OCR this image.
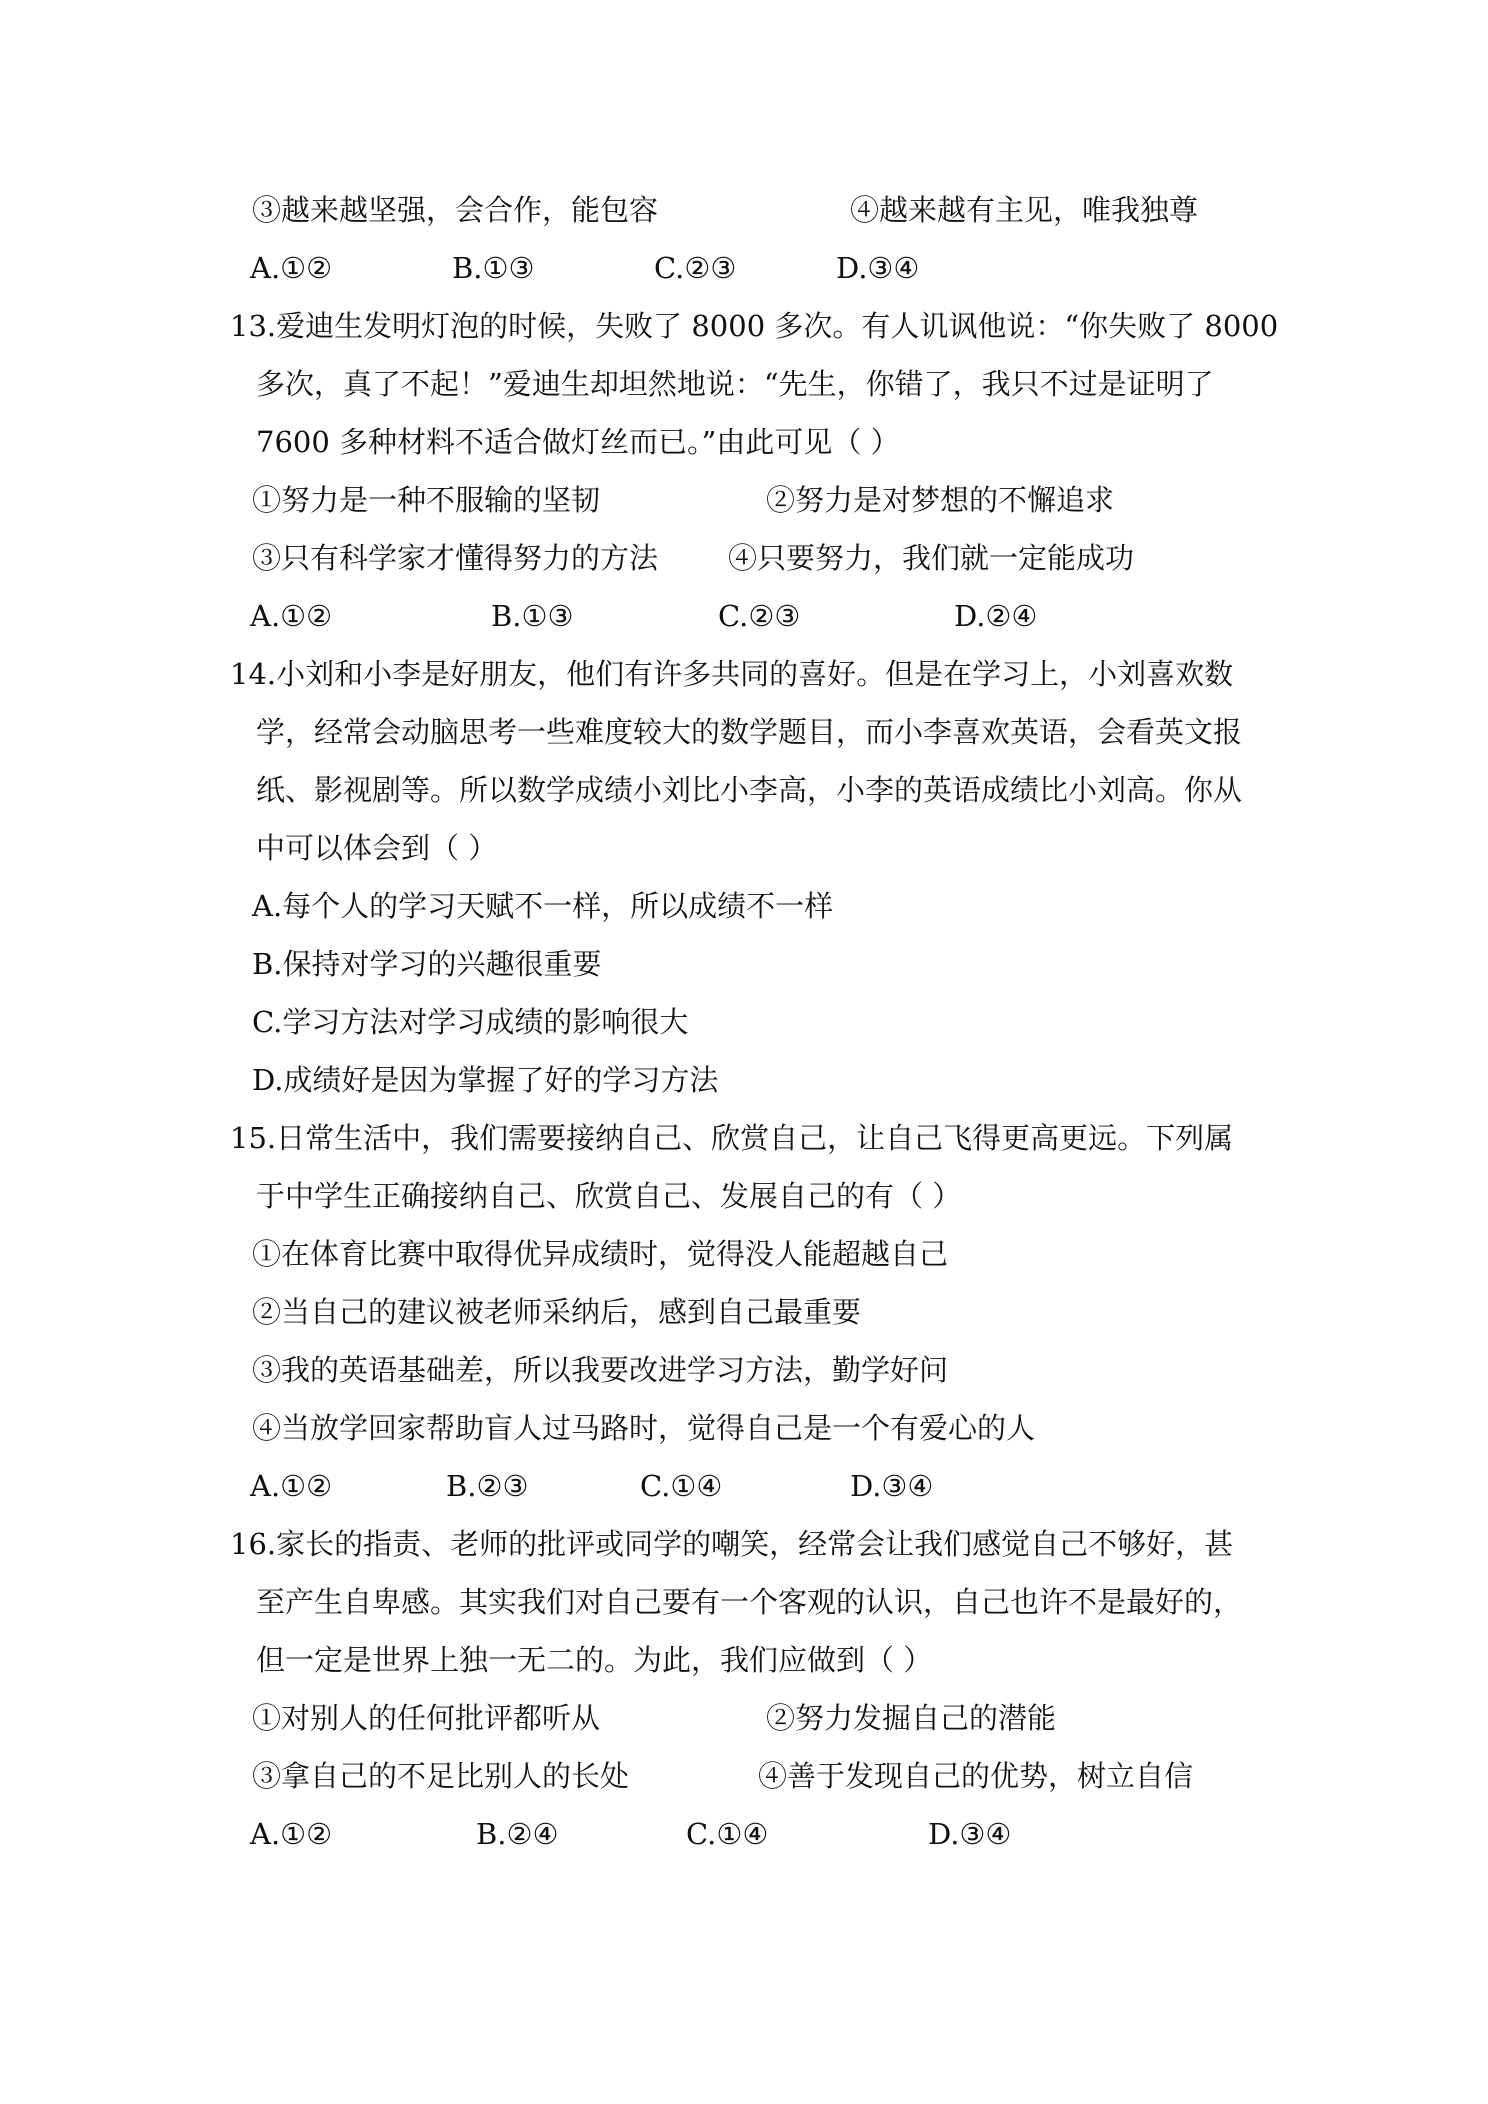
③越来越坚强，会合作，能包容	④越来越有主见，唯我独尊
A.①②	B.①③	C.②③	D.③④
13.爱迪生发明灯泡的时候，失败了 8000 多次。有人讥讽他说：“你失败了 8000
多次，真了不起！”爱迪生却坦然地说：“先生，你错了，我只不过是证明了
7600 多种材料不适合做灯丝而已。”由此可见（ ）
①努力是一种不服输的坚韧	②努力是对梦想的不懈追求
③只有科学家才懂得努力的方法 ④只要努力，我们就一定能成功
A.①②	B.①③	C.②③	D.②④
14.小刘和小李是好朋友，他们有许多共同的喜好。但是在学习上，小刘喜欢数
学，经常会动脑思考一些难度较大的数学题目，而小李喜欢英语，会看英文报
纸、影视剧等。所以数学成绩小刘比小李高，小李的英语成绩比小刘高。你从
中可以体会到（ ）
A.每个人的学习天赋不一样，所以成绩不一样
B.保持对学习的兴趣很重要
C.学习方法对学习成绩的影响很大
D.成绩好是因为掌握了好的学习方法
15.日常生活中，我们需要接纳自己、欣赏自己，让自己飞得更高更远。下列属
于中学生正确接纳自己、欣赏自己、发展自己的有（ ）
①在体育比赛中取得优异成绩时，觉得没人能超越自己
②当自己的建议被老师采纳后，感到自己最重要
③我的英语基础差，所以我要改进学习方法，勤学好问
④当放学回家帮助盲人过马路时，觉得自己是一个有爱心的人
A.①②	B.②③	C.①④	D.③④
16.家长的指责、老师的批评或同学的嘲笑，经常会让我们感觉自己不够好，甚
至产生自卑感。其实我们对自己要有一个客观的认识，自己也许不是最好的，
但一定是世界上独一无二的。为此，我们应做到（ ）
①对别人的任何批评都听从	②努力发掘自己的潜能
③拿自己的不足比别人的长处	④善于发现自己的优势，树立自信
A.①②	B.②④	C.①④	D.③④
